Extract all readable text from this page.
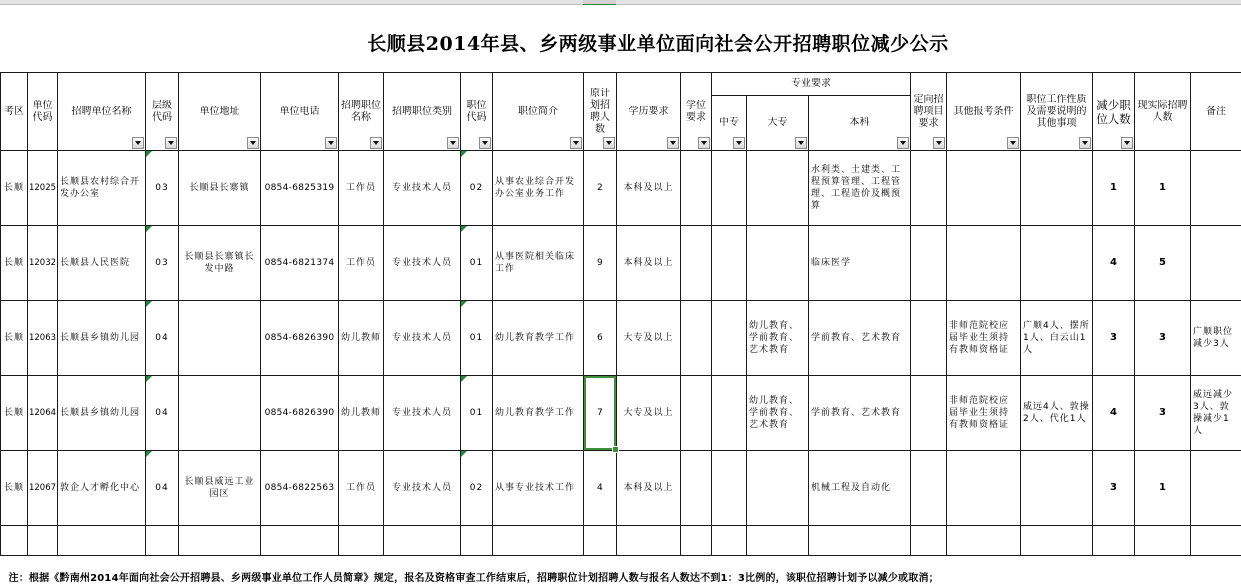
长顺县2014年县、乡两级事业单位面向社会公开招聘职位减少公示
考区	单位代码	招聘单位名称	层级代码	单位地址	单位电话	招聘职位名称	招聘职位类别	职位代码	职位简介	原计划招聘人数	学历要求	学位要求	专业要求			定向招聘项目要求	其他报考条件	职位工作性质及需要说明的其他事项	减少职位人数	现实际招聘人数	备注

													中专	大专	本科						

长顺	12025	长顺县农村综合开发办公室	03	长顺县长寨镇	0854-6825319	工作员	专业技术人员	02	从事农业综合开发办公室业务工作	2	本科及以上				水利类、土建类、工程预算管理、工程管理、工程造价及概预算				1	1	

长顺	12032	长顺县人民医院	03	长顺县长寨镇长发中路	0854-6821374	工作员	专业技术人员	01	从事医院相关临床工作	9	本科及以上				临床医学				4	5	

长顺	12063	长顺县乡镇幼儿园	04		0854-6826390	幼儿教师	专业技术人员	01	幼儿教育教学工作	6	大专及以上			幼儿教育、学前教育、艺术教育	学前教育、艺术教育		非师范院校应届毕业生须持有教师资格证	广顺4人、摆所1人、白云山1人	3	3	广顺职位减少3人

长顺	12064	长顺县乡镇幼儿园	04		0854-6826390	幼儿教师	专业技术人员	01	幼儿教育教学工作	7	大专及以上			幼儿教育、学前教育、艺术教育	学前教育、艺术教育		非师范院校应届毕业生须持有教师资格证	威远4人、敦操2人、代化1人	4	3	威远减少3人、敦操减少1人

长顺	12067	敦企人才孵化中心	04	长顺县威远工业园区	0854-6822563	工作员	专业技术人员	02	从事专业技术工作	4	本科及以上				机械工程及自动化				3	1	

注：根据《黔南州2014年面向社会公开招聘县、乡两级事业单位工作人员简章》规定，报名及资格审查工作结束后，招聘职位计划招聘人数与报名人数达不到1：3比例的，该职位招聘计划予以减少或取消；																					
